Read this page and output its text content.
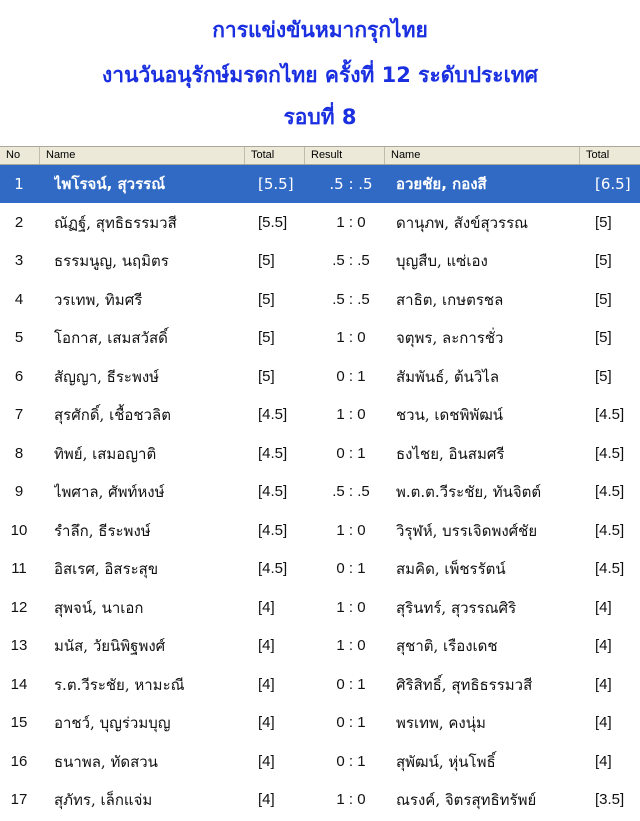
การแข่งขันหมากรุกไทย
งานวันอนุรักษ์มรดกไทย ครั้งที่ 12 ระดับประเทศ
รอบที่ 8
No	Name	Total	Result	Name	Total
1	ไพโรจน์, สุวรรณ์	[5.5]	.5 : .5	อวยชัย, กองสี	[6.5]
2	ณัฏฐ์, สุทธิธรรมวสี	[5.5]	1 : 0	ดานุภพ, สังข์สุวรรณ	[5]
3	ธรรมนูญ, นฤมิตร	[5]	.5 : .5	บุญสืบ, แซ่เอง	[5]
4	วรเทพ, ทิมศรี	[5]	.5 : .5	สาธิต, เกษตรชล	[5]
5	โอกาส, เสมสวัสดิ์	[5]	1 : 0	จตุพร, ละการชั่ว	[5]
6	สัญญา, ธีระพงษ์	[5]	0 : 1	สัมพันธ์, ต้นวิไล	[5]
7	สุรศักดิ์, เชื้อชวลิต	[4.5]	1 : 0	ชวน, เดชพิพัฒน์	[4.5]
8	ทิพย์, เสมอญาติ	[4.5]	0 : 1	ธงไชย, อินสมศรี	[4.5]
9	ไพศาล, ศัพท์หงษ์	[4.5]	.5 : .5	พ.ต.ต.วีระชัย, ทันจิตต์	[4.5]
10	รำลึก, ธีระพงษ์	[4.5]	1 : 0	วิรุฬห์, บรรเจิดพงศ์ชัย	[4.5]
11	อิสเรศ, อิสระสุข	[4.5]	0 : 1	สมคิด, เพ็ชรรัตน์	[4.5]
12	สุพจน์, นาเอก	[4]	1 : 0	สุรินทร์, สุวรรณศิริ	[4]
13	มนัส, วัยนิพิฐพงศ์	[4]	1 : 0	สุชาติ, เรืองเดช	[4]
14	ร.ต.วีระชัย, หามะณี	[4]	0 : 1	ศิริสิทธิ์, สุทธิธรรมวสี	[4]
15	อาชว์, บุญร่วมบุญ	[4]	0 : 1	พรเทพ, คงนุ่ม	[4]
16	ธนาพล, ทัดสวน	[4]	0 : 1	สุพัฒน์, หุ่นโพธิ์	[4]
17	สุภัทร, เล็กแจ่ม	[4]	1 : 0	ณรงค์, จิตรสุทธิทรัพย์	[3.5]
